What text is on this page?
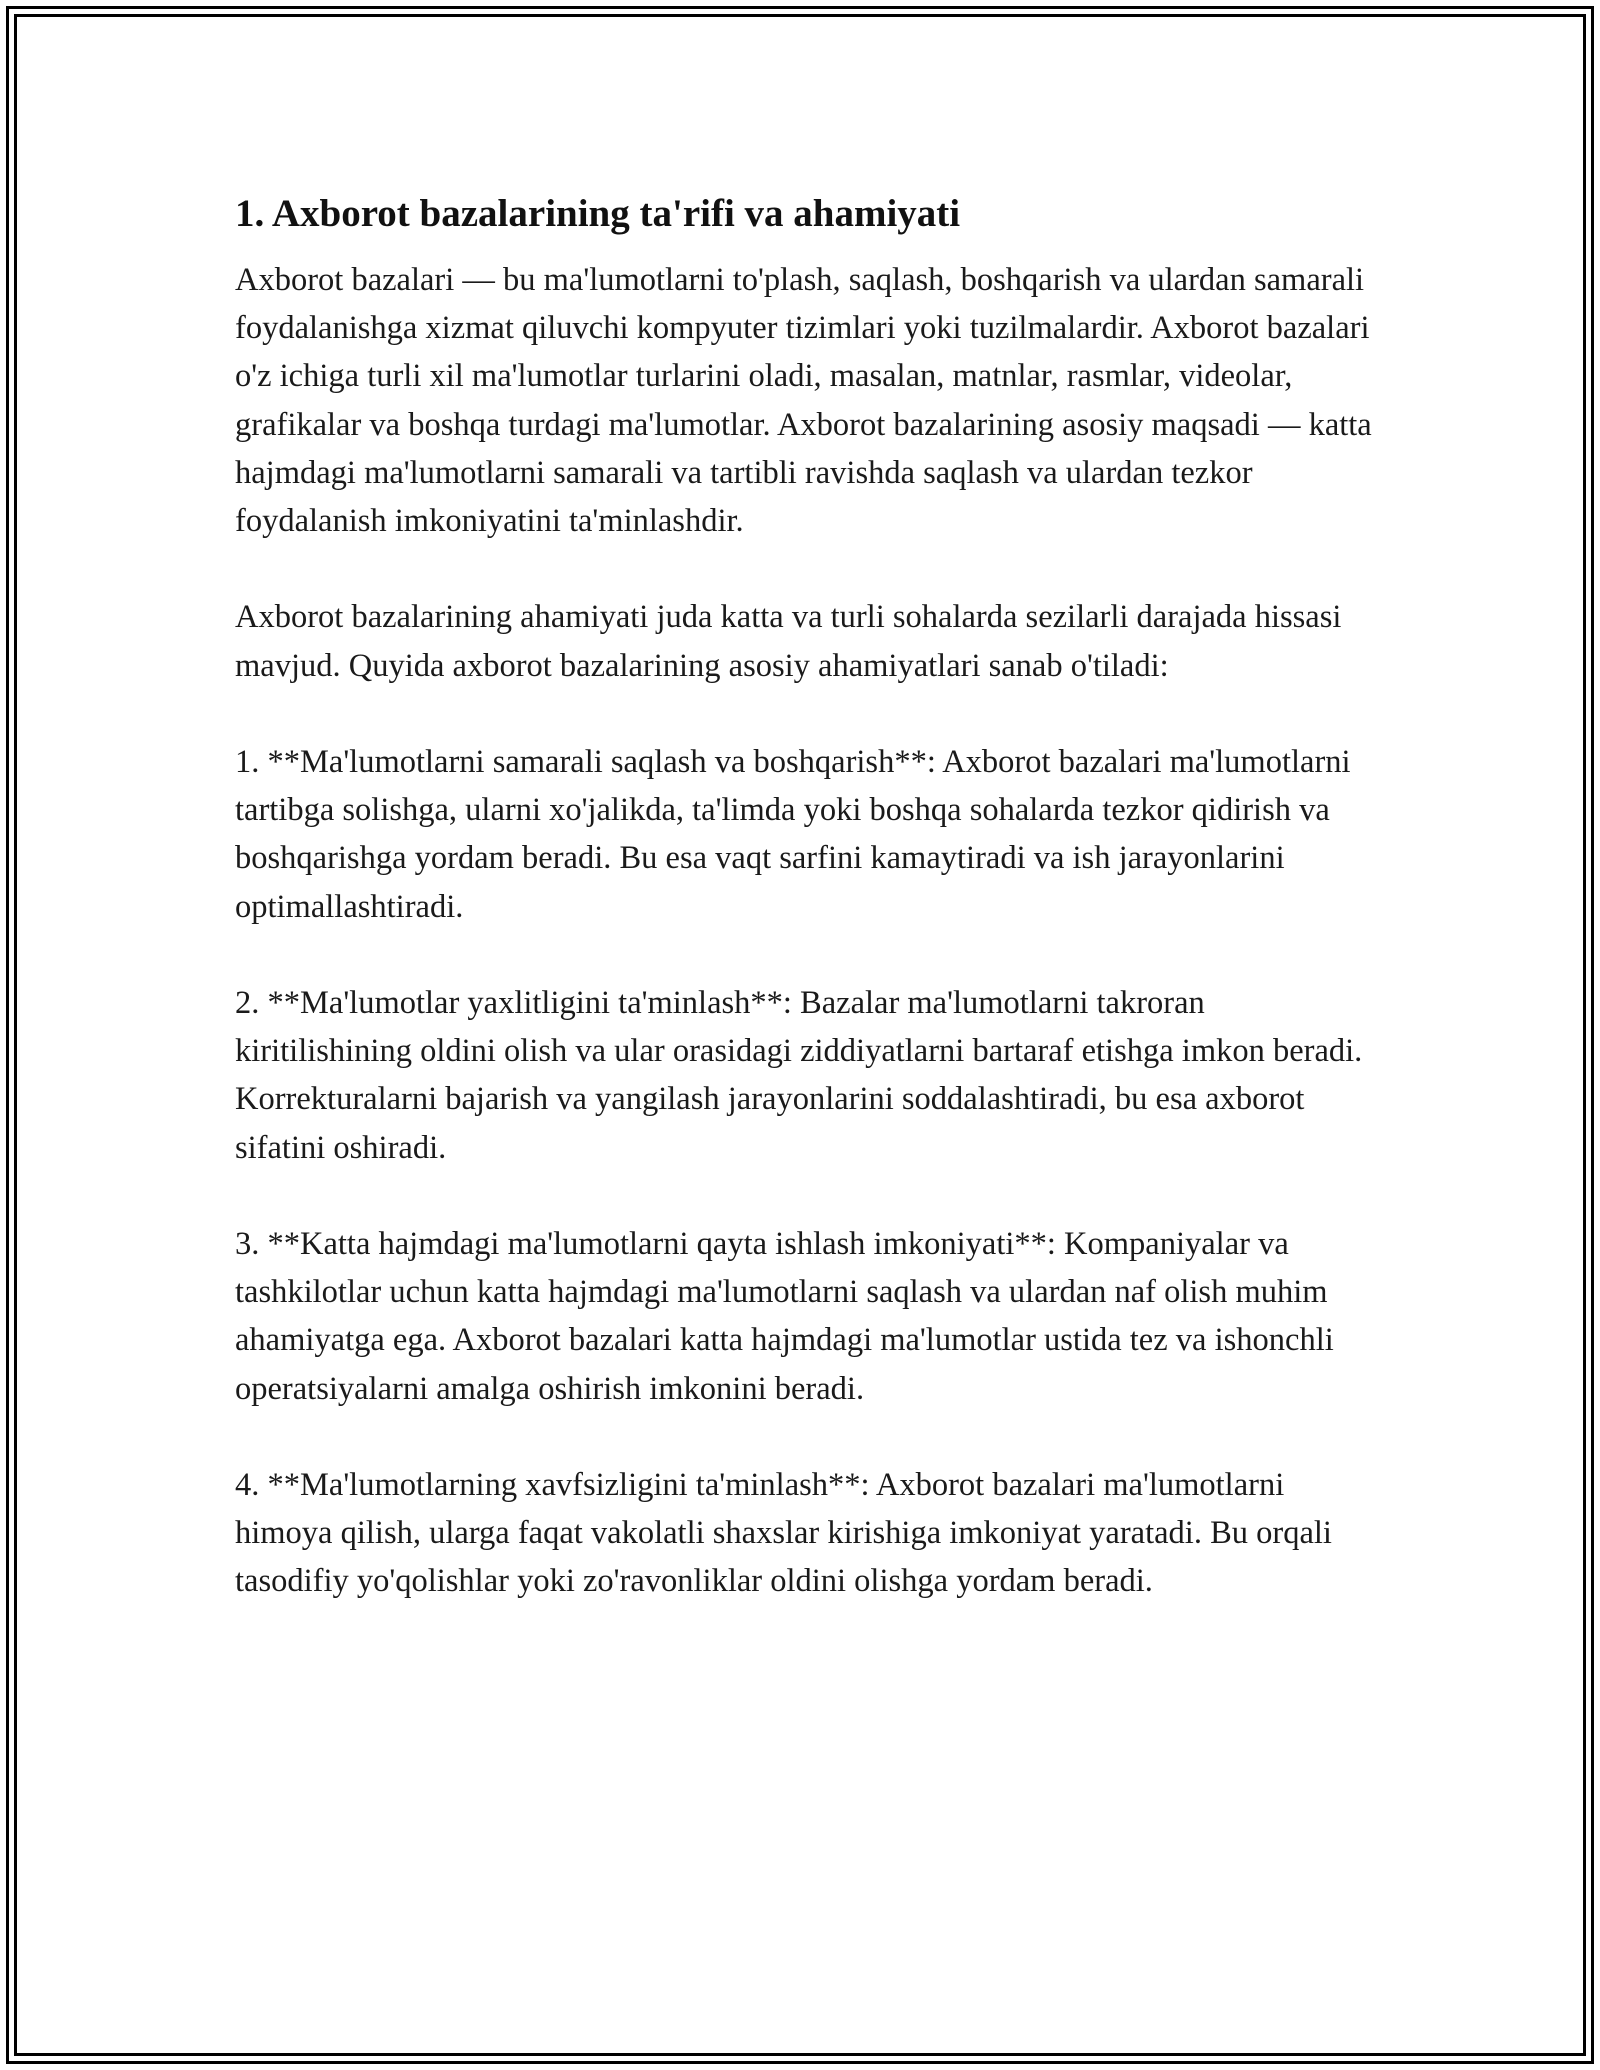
1. Axborot bazalarining ta'rifi va ahamiyati

Axborot bazalari — bu ma'lumotlarni to'plash, saqlash, boshqarish va ulardan samarali foydalanishga xizmat qiluvchi kompyuter tizimlari yoki tuzilmalardir. Axborot bazalari o'z ichiga turli xil ma'lumotlar turlarini oladi, masalan, matnlar, rasmlar, videolar, grafikalar va boshqa turdagi ma'lumotlar. Axborot bazalarining asosiy maqsadi — katta hajmdagi ma'lumotlarni samarali va tartibli ravishda saqlash va ulardan tezkor foydalanish imkoniyatini ta'minlashdir.

Axborot bazalarining ahamiyati juda katta va turli sohalarda sezilarli darajada hissasi mavjud. Quyida axborot bazalarining asosiy ahamiyatlari sanab o'tiladi:

1. **Ma'lumotlarni samarali saqlash va boshqarish**: Axborot bazalari ma'lumotlarni tartibga solishga, ularni xo'jalikda, ta'limda yoki boshqa sohalarda tezkor qidirish va boshqarishga yordam beradi. Bu esa vaqt sarfini kamaytiradi va ish jarayonlarini optimallashtiradi.

2. **Ma'lumotlar yaxlitligini ta'minlash**: Bazalar ma'lumotlarni takroran kiritilishining oldini olish va ular orasidagi ziddiyatlarni bartaraf etishga imkon beradi. Korrekturalarni bajarish va yangilash jarayonlarini soddalashtiradi, bu esa axborot sifatini oshiradi.

3. **Katta hajmdagi ma'lumotlarni qayta ishlash imkoniyati**: Kompaniyalar va tashkilotlar uchun katta hajmdagi ma'lumotlarni saqlash va ulardan naf olish muhim ahamiyatga ega. Axborot bazalari katta hajmdagi ma'lumotlar ustida tez va ishonchli operatsiyalarni amalga oshirish imkonini beradi.

4. **Ma'lumotlarning xavfsizligini ta'minlash**: Axborot bazalari ma'lumotlarni himoya qilish, ularga faqat vakolatli shaxslar kirishiga imkoniyat yaratadi. Bu orqali tasodifiy yo'qolishlar yoki zo'ravonliklar oldini olishga yordam beradi.
